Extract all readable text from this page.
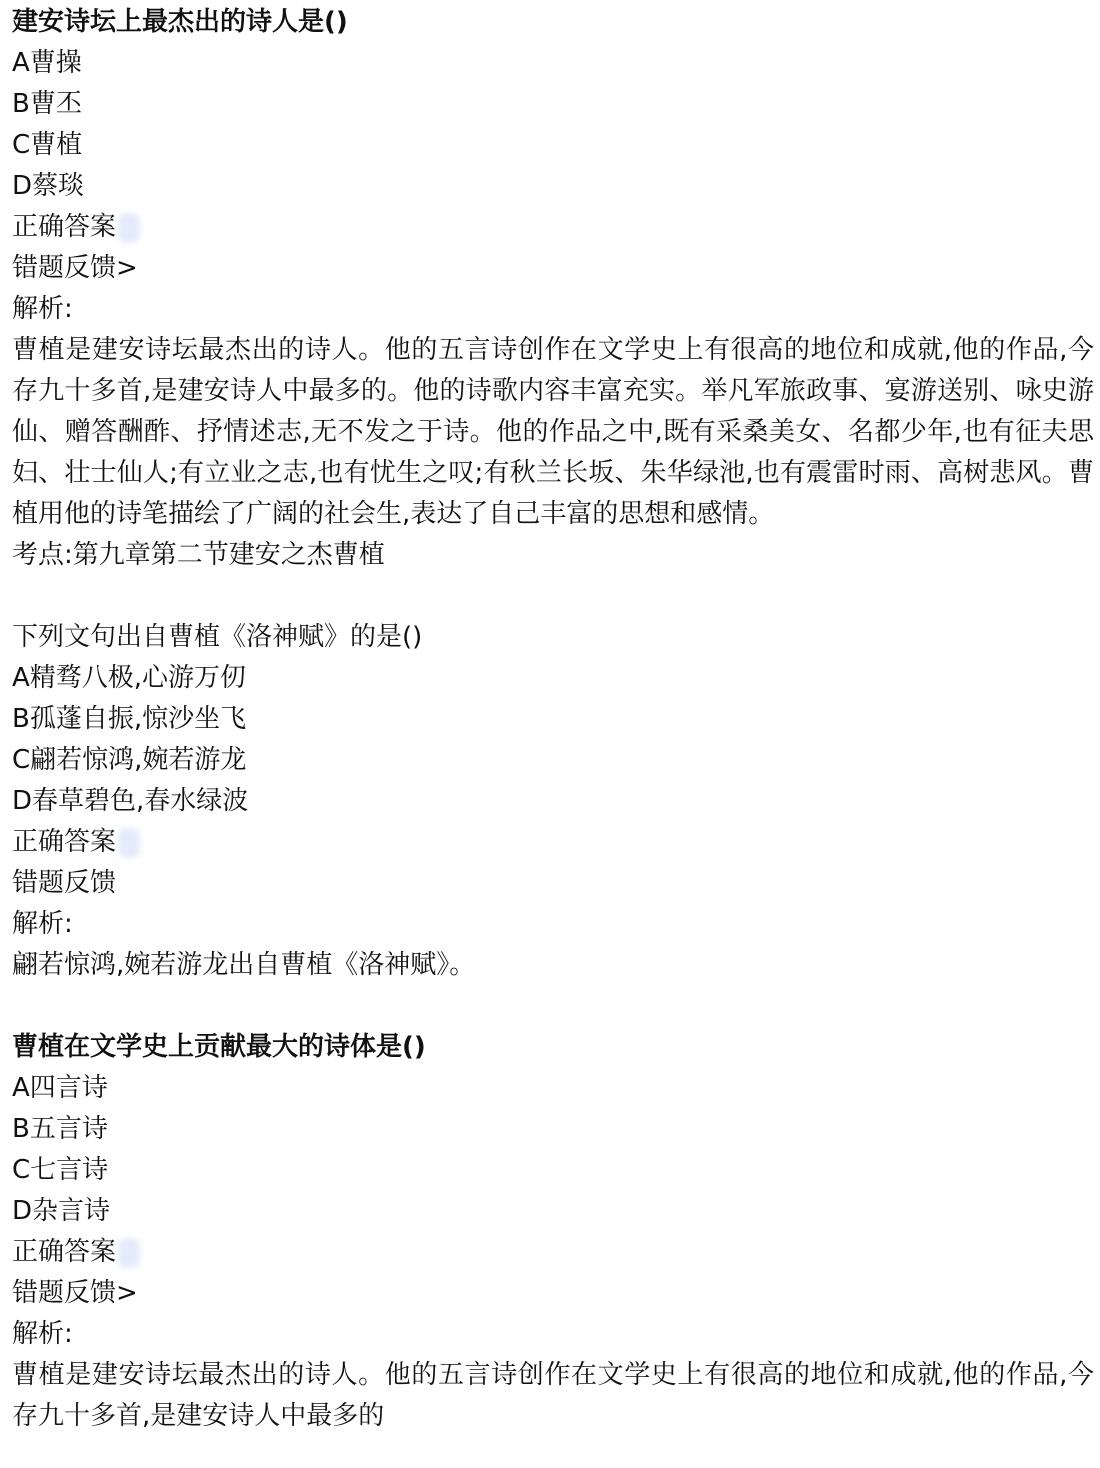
建安诗坛上最杰出的诗人是()
A曹操
B曹丕
C曹植
D蔡琰
正确答案
错题反馈>
解析:

曹植是建安诗坛最杰出的诗人。他的五言诗创作在文学史上有很高的地位和成就,他的作品,今存九十多首,是建安诗人中最多的。他的诗歌内容丰富充实。举凡军旅政事、宴游送别、咏史游仙、赠答酬酢、抒情述志,无不发之于诗。他的作品之中,既有采桑美女、名都少年,也有征夫思妇、壮士仙人;有立业之志,也有忧生之叹;有秋兰长坂、朱华绿池,也有震雷时雨、高树悲风。曹植用他的诗笔描绘了广阔的社会生,表达了自己丰富的思想和感情。

考点:第九章第二节建安之杰曹植
下列文句出自曹植《洛神赋》的是()
A精骛八极,心游万仞
B孤蓬自振,惊沙坐飞
C翩若惊鸿,婉若游龙
D春草碧色,春水绿波
正确答案
错题反馈
解析:

翩若惊鸿,婉若游龙出自曹植《洛神赋》。

曹植在文学史上贡献最大的诗体是()
A四言诗
B五言诗
C七言诗
D杂言诗
正确答案
错题反馈>
解析:

曹植是建安诗坛最杰出的诗人。他的五言诗创作在文学史上有很高的地位和成就,他的作品,今存九十多首,是建安诗人中最多的
